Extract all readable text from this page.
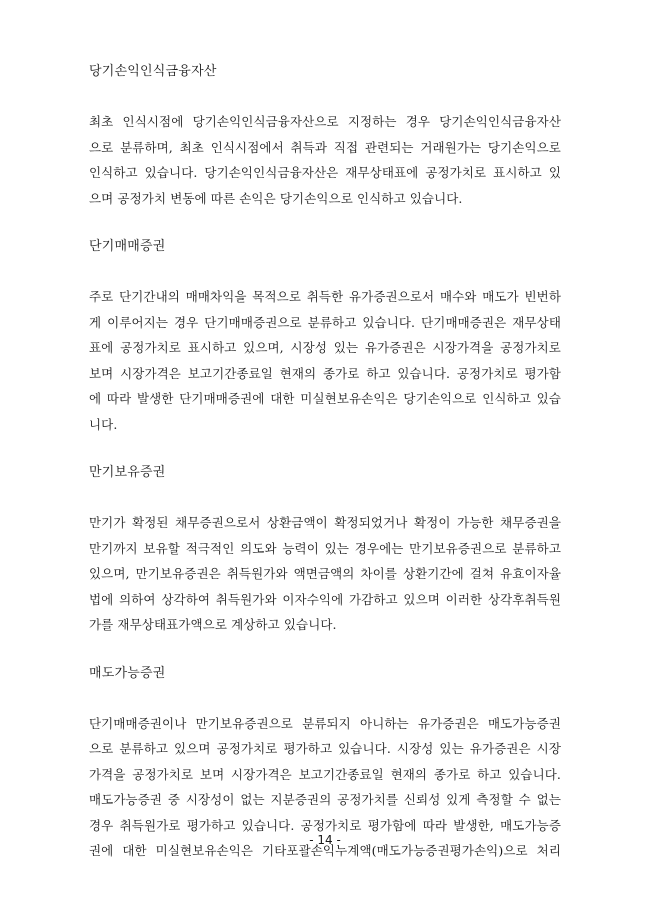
당기손익인식금융자산

최초 인식시점에 당기손익인식금융자산으로 지정하는 경우 당기손익인식금융자산
으로 분류하며, 최초 인식시점에서 취득과 직접 관련되는 거래원가는 당기손익으로
인식하고 있습니다. 당기손익인식금융자산은 재무상태표에 공정가치로 표시하고 있
으며 공정가치 변동에 따른 손익은 당기손익으로 인식하고 있습니다.

단기매매증권

주로 단기간내의 매매차익을 목적으로 취득한 유가증권으로서 매수와 매도가 빈번하
게 이루어지는 경우 단기매매증권으로 분류하고 있습니다. 단기매매증권은 재무상태
표에 공정가치로 표시하고 있으며, 시장성 있는 유가증권은 시장가격을 공정가치로
보며 시장가격은 보고기간종료일 현재의 종가로 하고 있습니다. 공정가치로 평가함
에 따라 발생한 단기매매증권에 대한 미실현보유손익은 당기손익으로 인식하고 있습
니다.

만기보유증권

만기가 확정된 채무증권으로서 상환금액이 확정되었거나 확정이 가능한 채무증권을
만기까지 보유할 적극적인 의도와 능력이 있는 경우에는 만기보유증권으로 분류하고
있으며, 만기보유증권은 취득원가와 액면금액의 차이를 상환기간에 걸쳐 유효이자율
법에 의하여 상각하여 취득원가와 이자수익에 가감하고 있으며 이러한 상각후취득원
가를 재무상태표가액으로 계상하고 있습니다.

매도가능증권

단기매매증권이나 만기보유증권으로 분류되지 아니하는 유가증권은 매도가능증권
으로 분류하고 있으며 공정가치로 평가하고 있습니다. 시장성 있는 유가증권은 시장
가격을 공정가치로 보며 시장가격은 보고기간종료일 현재의 종가로 하고 있습니다.
매도가능증권 중 시장성이 없는 지분증권의 공정가치를 신뢰성 있게 측정할 수 없는
경우 취득원가로 평가하고 있습니다. 공정가치로 평가함에 따라 발생한, 매도가능증
권에 대한 미실현보유손익은 기타포괄손익누계액(매도가능증권평가손익)으로 처리
- 14 -
